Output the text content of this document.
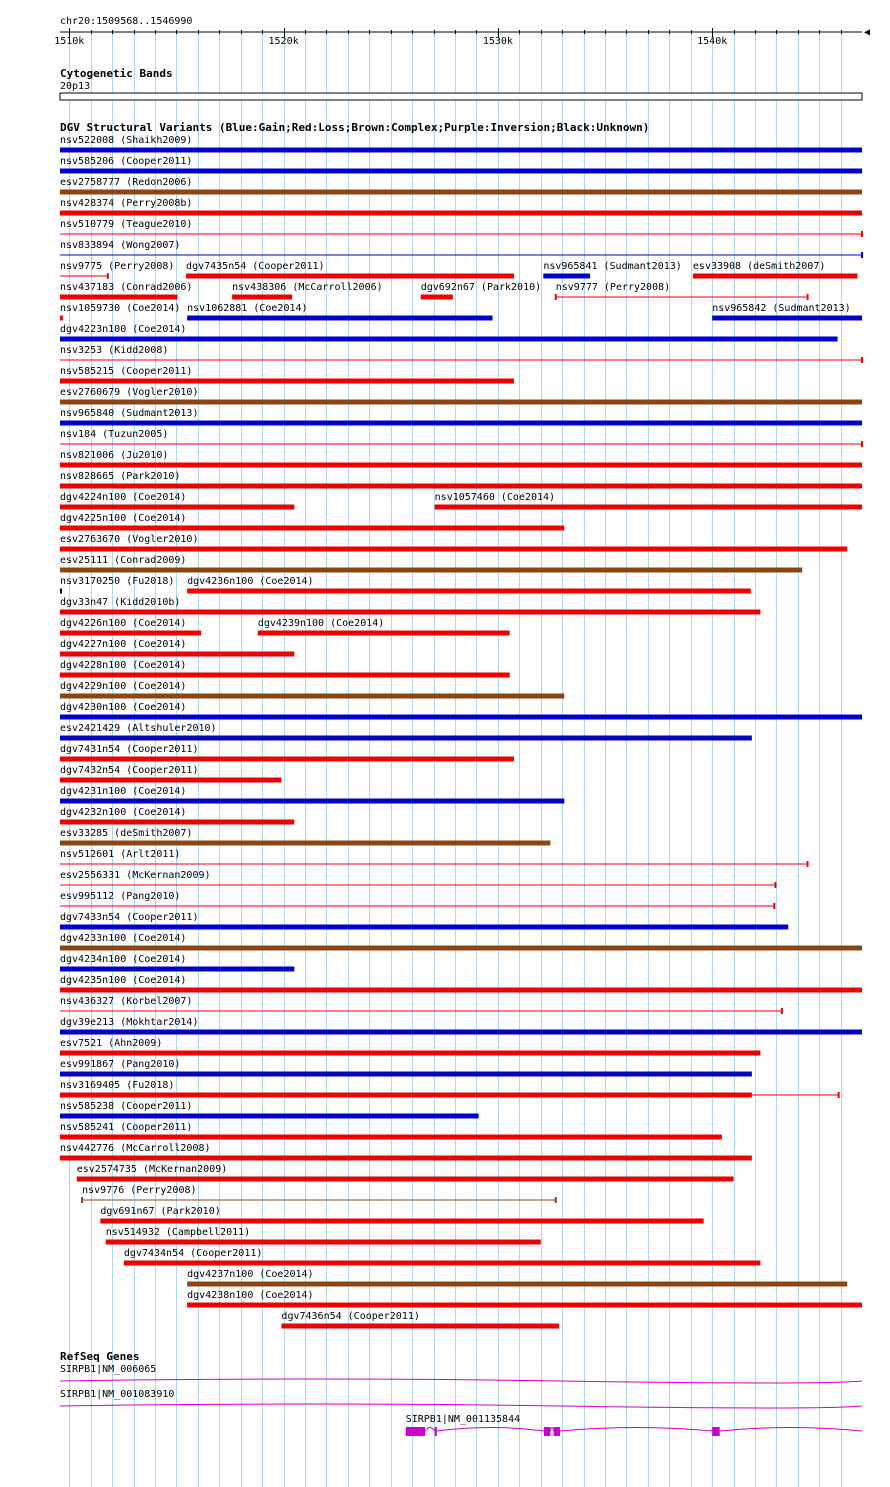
chr20:1509568..1546990
1510k	1520k	1530k	1540k
◀
Cytogenetic Bands
20p13
DGV Structural Variants (Blue:Gain;Red:Loss;Brown:Complex;Purple:Inversion;Black:Unknown)
nsv522008 (Shaikh2009)
nsv585206 (Cooper2011)
esv2758777 (Redon2006)
nsv428374 (Perry2008b)
nsv510779 (Teague2010)
nsv833894 (Wong2007)
nsv9775 (Perry2008) dgv7435n54 (Cooper2011)	nsv965841 (Sudmant2013) esv33908 (deSmith2007)
nsv437183 (Conrad2006)	nsv438306 (McCarroll2006)	dgv692n67 (Park2010) nsv9777 (Perry2008)
nsv1059730 (Coe2014) nsv1062881 (Coe2014)	nsv965842 (Sudmant2013)
dgv4223n100 (Coe2014)
nsv3253 (Kidd2008)
nsv585215 (Cooper2011)
esv2760679 (Vogler2010)
nsv965840 (Sudmant2013)
nsv184 (Tuzun2005)
nsv821006 (Ju2010)
nsv828665 (Park2010)
dgv4224n100 (Coe2014)	nsv1057460 (Coe2014)
dgv4225n100 (Coe2014)
esv2763670 (Vogler2010)
esv25111 (Conrad2009)
nsv3170250 (Fu2018) dgv4236n100 (Coe2014)
dgv33n47 (Kidd2010b)
dgv4226n100 (Coe2014)	dgv4239n100 (Coe2014)
dgv4227n100 (Coe2014)
dgv4228n100 (Coe2014)
dgv4229n100 (Coe2014)
dgv4230n100 (Coe2014)
esv2421429 (Altshuler2010)
dgv7431n54 (Cooper2011)
dgv7432n54 (Cooper2011)
dgv4231n100 (Coe2014)
dgv4232n100 (Coe2014)
esv33285 (deSmith2007)
nsv512601 (Arlt2011)
esv2556331 (McKernan2009)
esv995112 (Pang2010)
dgv7433n54 (Cooper2011)
dgv4233n100 (Coe2014)
dgv4234n100 (Coe2014)
dgv4235n100 (Coe2014)
nsv436327 (Korbel2007)
dgv39e213 (Mokhtar2014)
esv7521 (Ahn2009)
esv991867 (Pang2010)
nsv3169405 (Fu2018)
nsv585238 (Cooper2011)
nsv585241 (Cooper2011)
nsv442776 (McCarroll2008)
esv2574735 (McKernan2009)
nsv9776 (Perry2008)
dgv691n67 (Park2010)
nsv514932 (Campbell2011)
dgv7434n54 (Cooper2011)
dgv4237n100 (Coe2014)
dgv4238n100 (Coe2014)
dgv7436n54 (Cooper2011)
RefSeq Genes
SIRPB1|NM_006065
SIRPB1|NM_001083910
SIRPB1|NM_001135844
